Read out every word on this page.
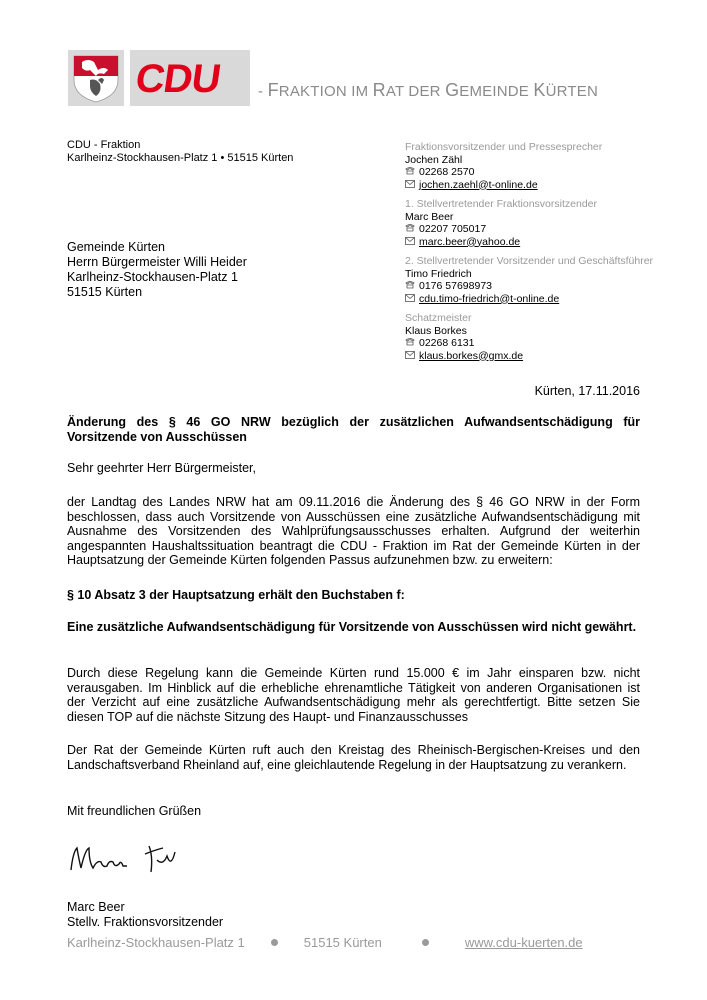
CDU - FRAKTION IM RAT DER GEMEINDE KÜRTEN
CDU - Fraktion
Karlheinz-Stockhausen-Platz 1 • 51515 Kürten
Fraktionsvorsitzender und Pressesprecher
Jochen Zähl
02268 2570
jochen.zaehl@t-online.de
1. Stellvertretender Fraktionsvorsitzender
Marc Beer
02207 705017
marc.beer@yahoo.de
2. Stellvertretender Vorsitzender und Geschäftsführer
Timo Friedrich
0176 57698973
cdu.timo-friedrich@t-online.de
Schatzmeister
Klaus Borkes
02268 6131
klaus.borkes@gmx.de
Gemeinde Kürten
Herrn Bürgermeister Willi Heider
Karlheinz-Stockhausen-Platz 1
51515 Kürten
Kürten, 17.11.2016
Änderung des § 46 GO NRW bezüglich der zusätzlichen Aufwandsentschädigung für Vorsitzende von Ausschüssen
Sehr geehrter Herr Bürgermeister,
der Landtag des Landes NRW hat am 09.11.2016 die Änderung des § 46 GO NRW in der Form beschlossen, dass auch Vorsitzende von Ausschüssen eine zusätzliche Aufwandsentschädigung mit Ausnahme des Vorsitzenden des Wahlprüfungsausschusses erhalten. Aufgrund der weiterhin angespannten Haushaltssituation beantragt die CDU - Fraktion im Rat der Gemeinde Kürten in der Hauptsatzung der Gemeinde Kürten folgenden Passus aufzunehmen bzw. zu erweitern:
§ 10 Absatz 3 der Hauptsatzung erhält den Buchstaben f:
Eine zusätzliche Aufwandsentschädigung für Vorsitzende von Ausschüssen wird nicht gewährt.
Durch diese Regelung kann die Gemeinde Kürten rund 15.000 € im Jahr einsparen bzw. nicht verausgaben. Im Hinblick auf die erhebliche ehrenamtliche Tätigkeit von anderen Organisationen ist der Verzicht auf eine zusätzliche Aufwandsentschädigung mehr als gerechtfertigt. Bitte setzen Sie diesen TOP auf die nächste Sitzung des Haupt- und Finanzausschusses
Der Rat der Gemeinde Kürten ruft auch den Kreistag des Rheinisch-Bergischen-Kreises und den Landschaftsverband Rheinland auf, eine gleichlautende Regelung in der Hauptsatzung zu verankern.
Mit freundlichen Grüßen
Marc Beer
Stellv. Fraktionsvorsitzender
Karlheinz-Stockhausen-Platz 1	51515 Kürten	www.cdu-kuerten.de
